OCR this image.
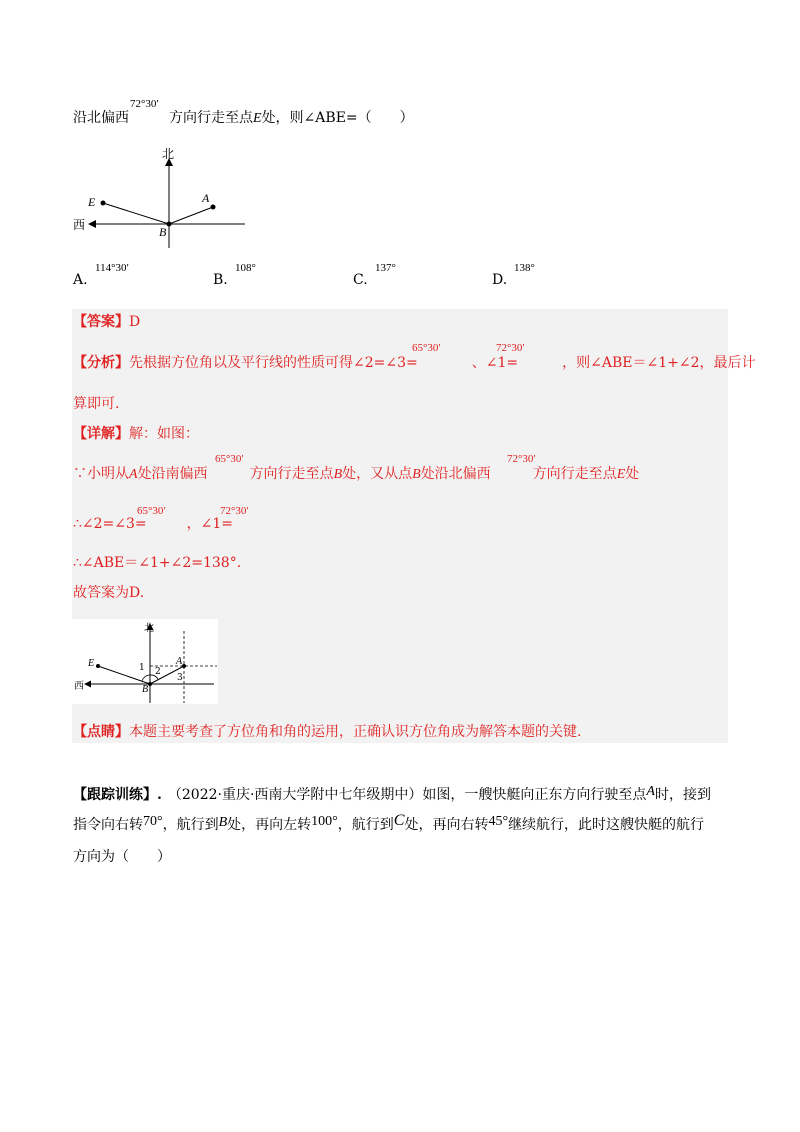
72°30′
沿北偏西	方向行走至点E处，则∠ABE=（　　）
北
西
E	A
B
A.
114°30′
B.
108°
C.
137°
D.
138°
【答案】D
65°30′	72°30′
【分析】先根据方位角以及平行线的性质可得∠2=∠3=	、∠1=	，则∠ABE＝∠1+∠2，最后计
算即可.
【详解】解：如图：
65°30′	72°30′
∵小明从A处沿南偏西	方向行走至点B处，又从点B处沿北偏西	方向行走至点E处
65°30′	72°30′
∴∠2=∠3=	，∠1=
∴∠ABE＝∠1+∠2=138°.
故答案为D.
北
西
E	A
B
1 2
3
【点睛】本题主要考查了方位角和角的运用，正确认识方位角成为解答本题的关键.
【跟踪训练】. （2022·重庆·西南大学附中七年级期中）如图，一艘快艇向正东方向行驶至点A时，接到
指令向右转70°，航行到B处，再向左转100°，航行到C处，再向右转45°继续航行，此时这艘快艇的航行
方向为（　　）
